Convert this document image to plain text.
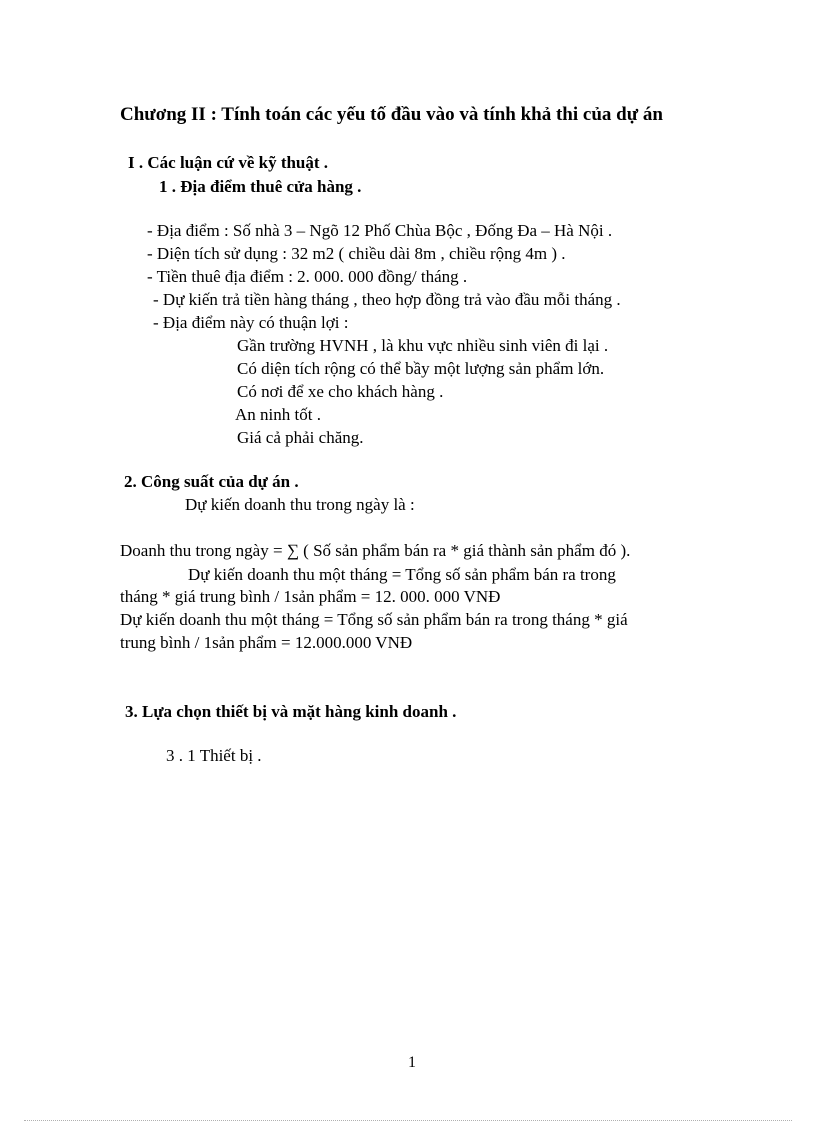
Chương II : Tính toán các yếu tố đầu vào và tính khả thi của dự án
I . Các luận cứ về kỹ thuật .
1 . Địa điểm thuê cửa hàng .
- Địa điểm : Số nhà 3 – Ngõ 12 Phố Chùa Bộc , Đống Đa – Hà Nội .
- Diện tích sử dụng : 32 m2 ( chiều dài 8m , chiều rộng 4m ) .
- Tiền thuê địa điểm : 2. 000. 000 đồng/ tháng .
- Dự kiến trả tiền hàng tháng , theo hợp đồng trả vào đầu mỗi tháng .
- Địa điểm này có thuận lợi :
Gần trường HVNH , là khu vực nhiều sinh viên đi lại .
Có diện tích rộng có thể bầy một lượng sản phẩm lớn.
Có nơi để xe cho khách hàng .
An ninh tốt .
Giá cả phải chăng.
2. Công suất của dự án .
Dự kiến doanh thu trong ngày là :
Doanh thu trong ngày = ∑ ( Số sản phẩm bán ra * giá thành sản phẩm đó ).
Dự kiến doanh thu một tháng = Tổng số sản phẩm bán ra trong
tháng * giá trung bình / 1sản phẩm = 12. 000. 000 VNĐ
Dự kiến doanh thu một tháng = Tổng số sản phẩm bán ra trong tháng * giá
trung bình / 1sản phẩm = 12.000.000 VNĐ
3. Lựa chọn thiết bị và mặt hàng kinh doanh .
3 . 1 Thiết bị .
1
